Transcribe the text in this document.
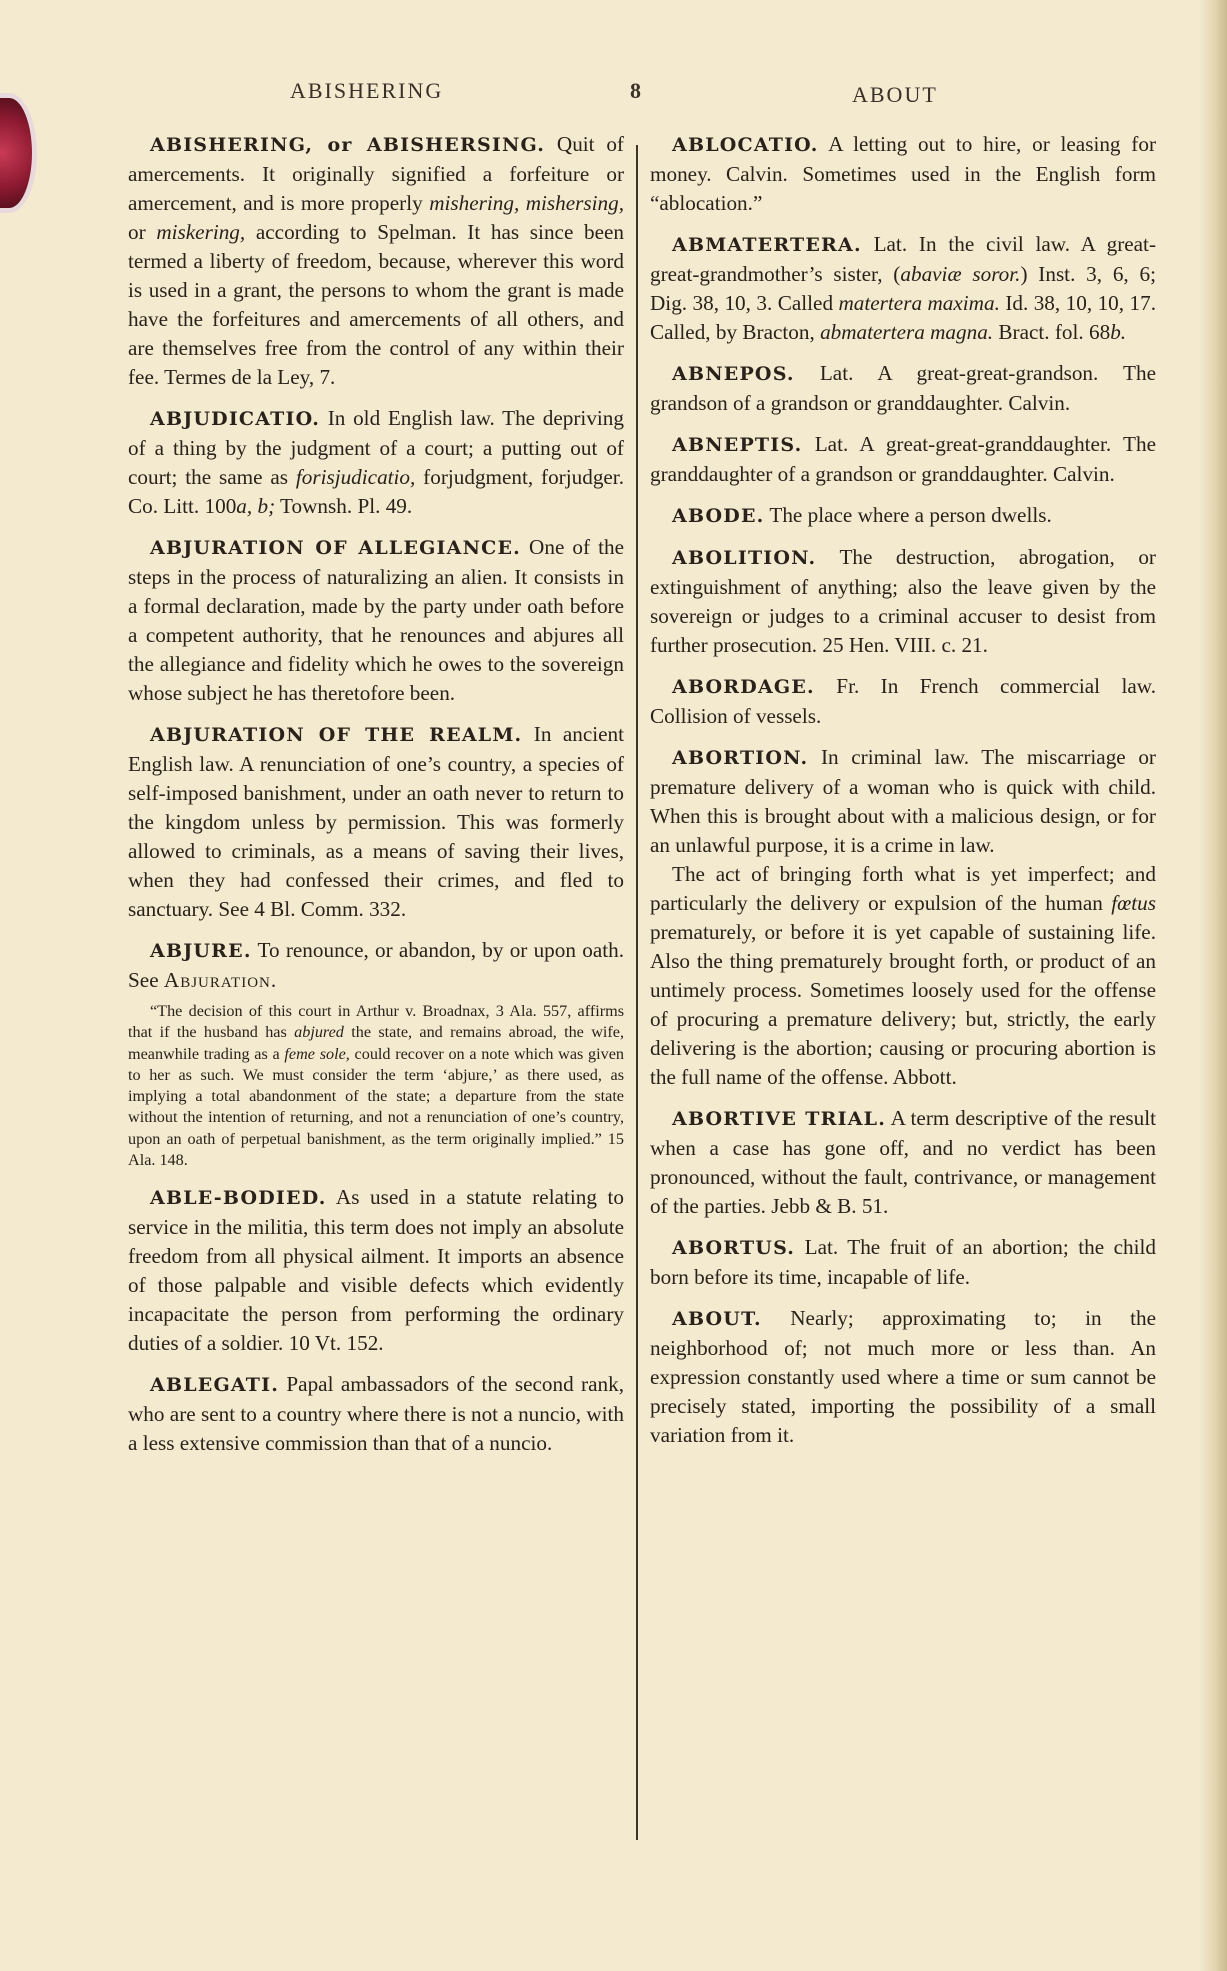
ABISHERING	8	ABOUT

ABISHERING, or ABISHERSING. Quit of amercements. It originally signified a forfeiture or amercement, and is more properly mishering, mishersing, or miskering, according to Spelman. It has since been termed a liberty of freedom, because, wherever this word is used in a grant, the persons to whom the grant is made have the forfeitures and amercements of all others, and are themselves free from the control of any within their fee. Termes de la Ley, 7.

ABJUDICATIO. In old English law. The depriving of a thing by the judgment of a court; a putting out of court; the same as forisjudicatio, forjudgment, forjudger. Co. Litt. 100a, b; Townsh. Pl. 49.

ABJURATION OF ALLEGIANCE. One of the steps in the process of naturalizing an alien. It consists in a formal declaration, made by the party under oath before a competent authority, that he renounces and abjures all the allegiance and fidelity which he owes to the sovereign whose subject he has theretofore been.

ABJURATION OF THE REALM. In ancient English law. A renunciation of one’s country, a species of self-imposed banishment, under an oath never to return to the kingdom unless by permission. This was formerly allowed to criminals, as a means of saving their lives, when they had confessed their crimes, and fled to sanctuary. See 4 Bl. Comm. 332.

ABJURE. To renounce, or abandon, by or upon oath. See Abjuration.

“The decision of this court in Arthur v. Broadnax, 3 Ala. 557, affirms that if the husband has abjured the state, and remains abroad, the wife, meanwhile trading as a feme sole, could recover on a note which was given to her as such. We must consider the term ‘abjure,’ as there used, as implying a total abandonment of the state; a departure from the state without the intention of returning, and not a renunciation of one’s country, upon an oath of perpetual banishment, as the term originally implied.” 15 Ala. 148.

ABLE-BODIED. As used in a statute relating to service in the militia, this term does not imply an absolute freedom from all physical ailment. It imports an absence of those palpable and visible defects which evidently incapacitate the person from performing the ordinary duties of a soldier. 10 Vt. 152.

ABLEGATI. Papal ambassadors of the second rank, who are sent to a country where there is not a nuncio, with a less extensive commission than that of a nuncio.

ABLOCATIO. A letting out to hire, or leasing for money. Calvin. Sometimes used in the English form “ablocation.”

ABMATERTERA. Lat. In the civil law. A great-great-grandmother’s sister, (abaviæ soror.) Inst. 3, 6, 6; Dig. 38, 10, 3. Called matertera maxima. Id. 38, 10, 10, 17. Called, by Bracton, abmatertera magna. Bract. fol. 68b.

ABNEPOS. Lat. A great-great-grandson. The grandson of a grandson or granddaughter. Calvin.

ABNEPTIS. Lat. A great-great-granddaughter. The granddaughter of a grandson or granddaughter. Calvin.

ABODE. The place where a person dwells.

ABOLITION. The destruction, abrogation, or extinguishment of anything; also the leave given by the sovereign or judges to a criminal accuser to desist from further prosecution. 25 Hen. VIII. c. 21.

ABORDAGE. Fr. In French commercial law. Collision of vessels.

ABORTION. In criminal law. The miscarriage or premature delivery of a woman who is quick with child. When this is brought about with a malicious design, or for an unlawful purpose, it is a crime in law.

The act of bringing forth what is yet imperfect; and particularly the delivery or expulsion of the human fœtus prematurely, or before it is yet capable of sustaining life. Also the thing prematurely brought forth, or product of an untimely process. Sometimes loosely used for the offense of procuring a premature delivery; but, strictly, the early delivering is the abortion; causing or procuring abortion is the full name of the offense. Abbott.

ABORTIVE TRIAL. A term descriptive of the result when a case has gone off, and no verdict has been pronounced, without the fault, contrivance, or management of the parties. Jebb & B. 51.

ABORTUS. Lat. The fruit of an abortion; the child born before its time, incapable of life.

ABOUT. Nearly; approximating to; in the neighborhood of; not much more or less than. An expression constantly used where a time or sum cannot be precisely stated, importing the possibility of a small variation from it.
